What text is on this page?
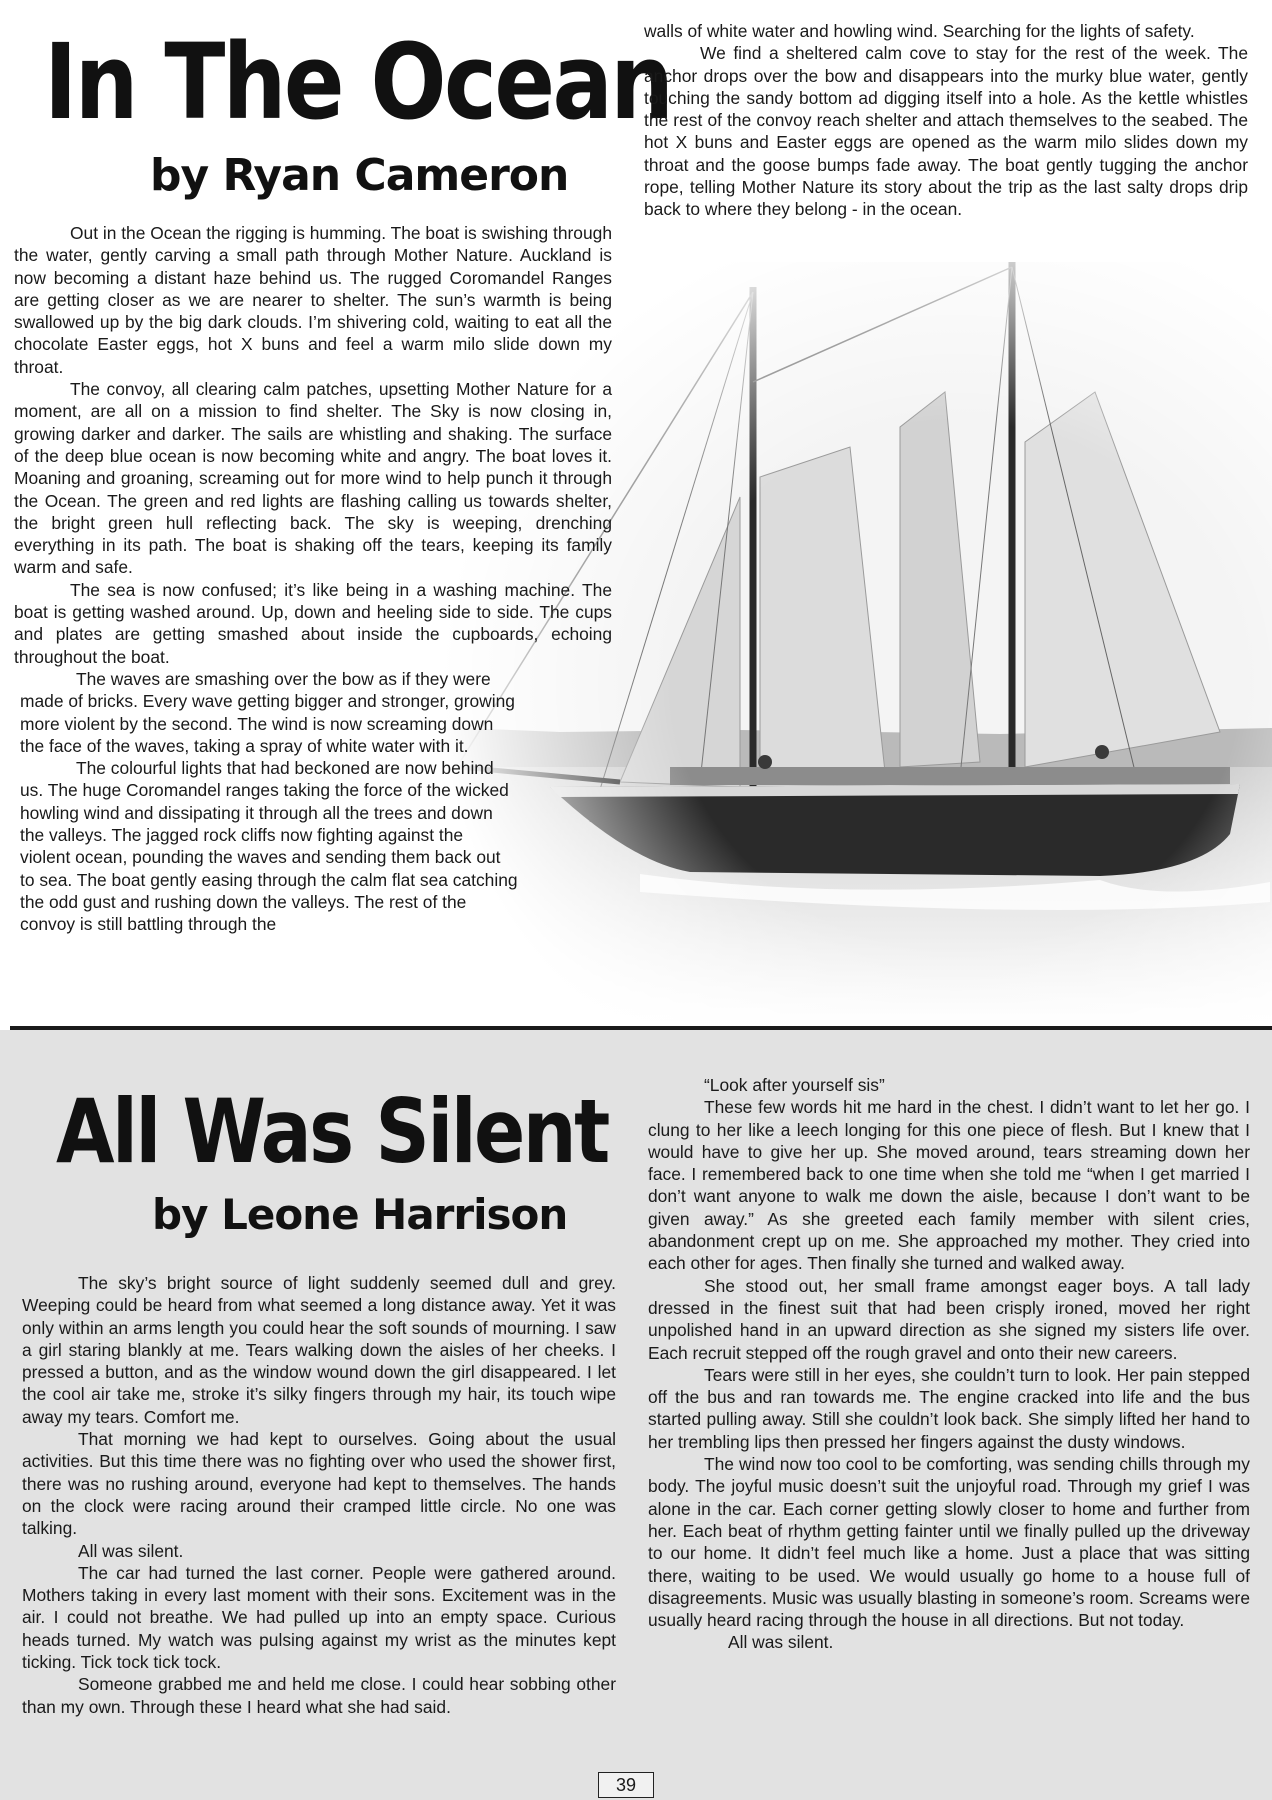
In The Ocean
by Ryan Cameron

Out in the Ocean the rigging is humming. The boat is swishing through the water, gently carving a small path through Mother Nature. Auckland is now becoming a distant haze behind us. The rugged Coromandel Ranges are getting closer as we are nearer to shelter. The sun’s warmth is being swallowed up by the big dark clouds. I’m shivering cold, waiting to eat all the chocolate Easter eggs, hot X buns and feel a warm milo slide down my throat.

The convoy, all clearing calm patches, upsetting Mother Nature for a moment, are all on a mission to find shelter. The Sky is now closing in, growing darker and darker. The sails are whistling and shaking. The surface of the deep blue ocean is now becoming white and angry. The boat loves it. Moaning and groaning, screaming out for more wind to help punch it through the Ocean. The green and red lights are flashing calling us towards shelter, the bright green hull reflecting back. The sky is weeping, drenching everything in its path. The boat is shaking off the tears, keeping its family warm and safe.

The sea is now confused; it’s like being in a washing machine. The boat is getting washed around. Up, down and heeling side to side. The cups and plates are getting smashed about inside the cupboards, echoing throughout the boat.

The waves are smashing over the bow as if they were made of bricks. Every wave getting bigger and stronger, growing more violent by the second. The wind is now screaming down the face of the waves, taking a spray of white water with it.

The colourful lights that had beckoned are now behind us. The huge Coromandel ranges taking the force of the wicked howling wind and dissipating it through all the trees and down the valleys. The jagged rock cliffs now fighting against the violent ocean, pounding the waves and sending them back out to sea. The boat gently easing through the calm flat sea catching the odd gust and rushing down the valleys. The rest of the convoy is still battling through the

walls of white water and howling wind. Searching for the lights of safety.

We find a sheltered calm cove to stay for the rest of the week. The anchor drops over the bow and disappears into the murky blue water, gently touching the sandy bottom ad digging itself into a hole. As the kettle whistles the rest of the convoy reach shelter and attach themselves to the seabed. The hot X buns and Easter eggs are opened as the warm milo slides down my throat and the goose bumps fade away. The boat gently tugging the anchor rope, telling Mother Nature its story about the trip as the last salty drops drip back to where they belong - in the ocean.

All Was Silent
by Leone Harrison

The sky’s bright source of light suddenly seemed dull and grey. Weeping could be heard from what seemed a long distance away. Yet it was only within an arms length you could hear the soft sounds of mourning. I saw a girl staring blankly at me. Tears walking down the aisles of her cheeks. I pressed a button, and as the window wound down the girl disappeared. I let the cool air take me, stroke it’s silky fingers through my hair, its touch wipe away my tears. Comfort me.

That morning we had kept to ourselves. Going about the usual activities. But this time there was no fighting over who used the shower first, there was no rushing around, everyone had kept to themselves. The hands on the clock were racing around their cramped little circle. No one was talking.

All was silent.

The car had turned the last corner. People were gathered around. Mothers taking in every last moment with their sons. Excitement was in the air. I could not breathe. We had pulled up into an empty space. Curious heads turned. My watch was pulsing against my wrist as the minutes kept ticking. Tick tock tick tock.

Someone grabbed me and held me close. I could hear sobbing other than my own. Through these I heard what she had said.

“Look after yourself sis”

These few words hit me hard in the chest. I didn’t want to let her go. I clung to her like a leech longing for this one piece of flesh. But I knew that I would have to give her up. She moved around, tears streaming down her face. I remembered back to one time when she told me “when I get married I don’t want anyone to walk me down the aisle, because I don’t want to be given away.” As she greeted each family member with silent cries, abandonment crept up on me. She approached my mother. They cried into each other for ages. Then finally she turned and walked away.

She stood out, her small frame amongst eager boys. A tall lady dressed in the finest suit that had been crisply ironed, moved her right unpolished hand in an upward direction as she signed my sisters life over. Each recruit stepped off the rough gravel and onto their new careers.

Tears were still in her eyes, she couldn’t turn to look. Her pain stepped off the bus and ran towards me. The engine cracked into life and the bus started pulling away. Still she couldn’t look back. She simply lifted her hand to her trembling lips then pressed her fingers against the dusty windows.

The wind now too cool to be comforting, was sending chills through my body. The joyful music doesn’t suit the unjoyful road. Through my grief I was alone in the car. Each corner getting slowly closer to home and further from her. Each beat of rhythm getting fainter until we finally pulled up the driveway to our home. It didn’t feel much like a home. Just a place that was sitting there, waiting to be used. We would usually go home to a house full of disagreements. Music was usually blasting in someone’s room. Screams were usually heard racing through the house in all directions. But not today.

All was silent.

39
